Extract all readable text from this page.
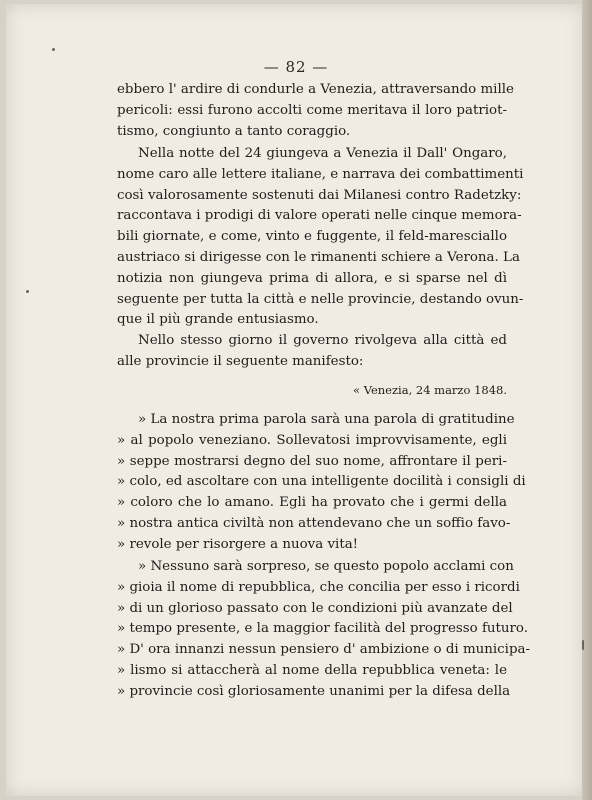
— 82 —
ebbero l' ardire di condurle a Venezia, attraversando mille
pericoli: essi furono accolti come meritava il loro patriot-
tismo, congiunto a tanto coraggio.
Nella notte del 24 giungeva a Venezia il Dall' Ongaro,
nome caro alle lettere italiane, e narrava dei combattimenti
così valorosamente sostenuti dai Milanesi contro Radetzky:
raccontava i prodigi di valore operati nelle cinque memora-
bili giornate, e come, vinto e fuggente, il feld-maresciallo
austriaco si dirigesse con le rimanenti schiere a Verona. La
notizia non giungeva prima di allora, e si sparse nel dì
seguente per tutta la città e nelle provincie, destando ovun-
que il più grande entusiasmo.
Nello stesso giorno il governo rivolgeva alla città ed
alle provincie il seguente manifesto:
« Venezia, 24 marzo 1848.
» La nostra prima parola sarà una parola di gratitudine
» al popolo veneziano. Sollevatosi improvvisamente, egli
» seppe mostrarsi degno del suo nome, affrontare il peri-
» colo, ed ascoltare con una intelligente docilità i consigli di
» coloro che lo amano. Egli ha provato che i germi della
» nostra antica civiltà non attendevano che un soffio favo-
» revole per risorgere a nuova vita!
» Nessuno sarà sorpreso, se questo popolo acclami con
» gioia il nome di repubblica, che concilia per esso i ricordi
» di un glorioso passato con le condizioni più avanzate del
» tempo presente, e la maggior facilità del progresso futuro.
» D' ora innanzi nessun pensiero d' ambizione o di municipa-
» lismo si attaccherà al nome della repubblica veneta: le
» provincie così gloriosamente unanimi per la difesa della
